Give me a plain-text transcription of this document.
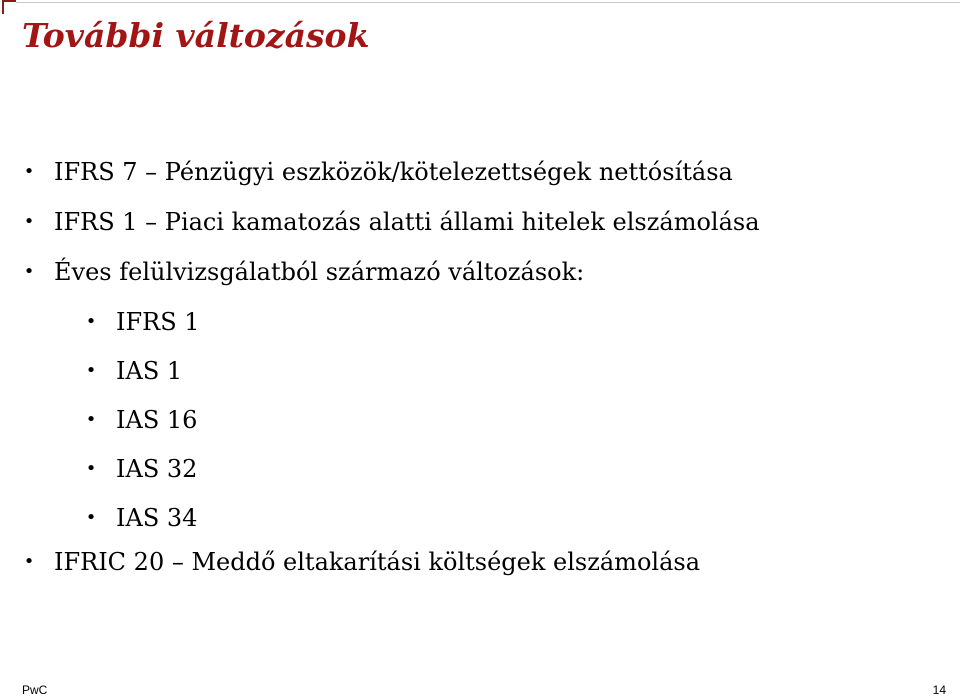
További változások
• IFRS 7 – Pénzügyi eszközök/kötelezettségek nettósítása
• IFRS 1 – Piaci kamatozás alatti állami hitelek elszámolása
• Éves felülvizsgálatból származó változások:
• IFRS 1
• IAS 1
• IAS 16
• IAS 32
• IAS 34
• IFRIC 20 – Meddő eltakarítási költségek elszámolása
PwC	14
